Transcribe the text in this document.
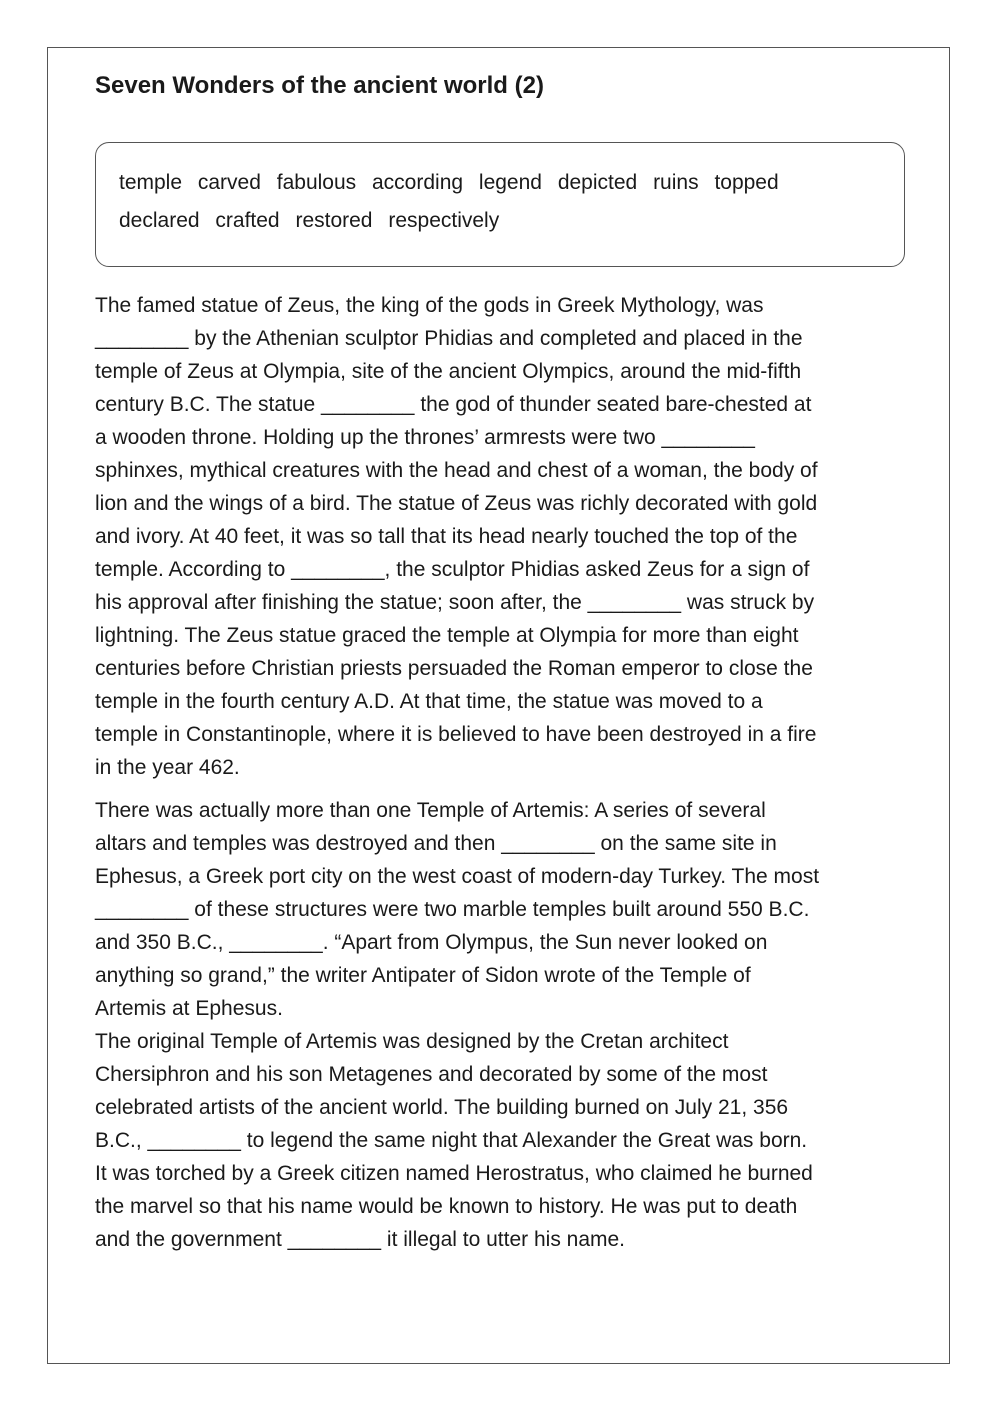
Seven Wonders of the ancient world (2)
temple carved fabulous according legend depicted ruins topped
declared crafted restored respectively

The famed statue of Zeus, the king of the gods in Greek Mythology, was
________ by the Athenian sculptor Phidias and completed and placed in the
temple of Zeus at Olympia, site of the ancient Olympics, around the mid-fifth
century B.C. The statue ________ the god of thunder seated bare-chested at
a wooden throne. Holding up the thrones’ armrests were two ________
sphinxes, mythical creatures with the head and chest of a woman, the body of
lion and the wings of a bird. The statue of Zeus was richly decorated with gold
and ivory. At 40 feet, it was so tall that its head nearly touched the top of the
temple. According to ________, the sculptor Phidias asked Zeus for a sign of
his approval after finishing the statue; soon after, the ________ was struck by
lightning. The Zeus statue graced the temple at Olympia for more than eight
centuries before Christian priests persuaded the Roman emperor to close the
temple in the fourth century A.D. At that time, the statue was moved to a
temple in Constantinople, where it is believed to have been destroyed in a fire
in the year 462.

There was actually more than one Temple of Artemis: A series of several
altars and temples was destroyed and then ________ on the same site in
Ephesus, a Greek port city on the west coast of modern-day Turkey. The most
________ of these structures were two marble temples built around 550 B.C.
and 350 B.C., ________. “Apart from Olympus, the Sun never looked on
anything so grand,” the writer Antipater of Sidon wrote of the Temple of
Artemis at Ephesus.
The original Temple of Artemis was designed by the Cretan architect
Chersiphron and his son Metagenes and decorated by some of the most
celebrated artists of the ancient world. The building burned on July 21, 356
B.C., ________ to legend the same night that Alexander the Great was born.
It was torched by a Greek citizen named Herostratus, who claimed he burned
the marvel so that his name would be known to history. He was put to death
and the government ________ it illegal to utter his name.
